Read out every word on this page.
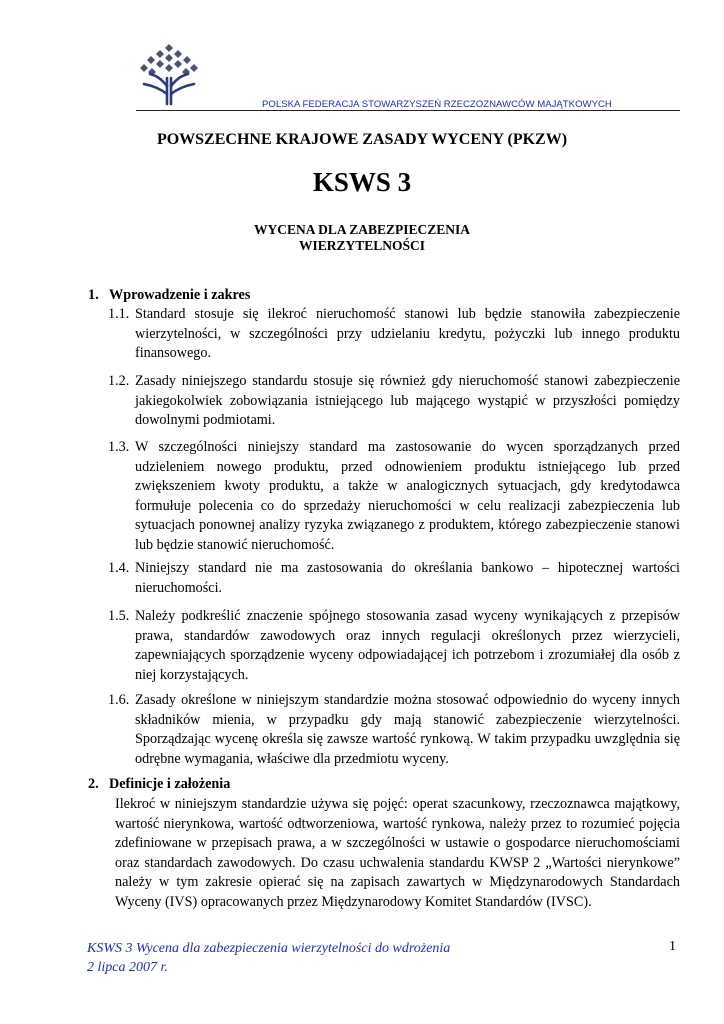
POLSKA FEDERACJA STOWARZYSZEŃ RZECZOZNAWCÓW MAJĄTKOWYCH
POWSZECHNE KRAJOWE ZASADY WYCENY (PKZW)
KSWS 3
WYCENA DLA ZABEZPIECZENIA
WIERZYTELNOŚCI
1. Wprowadzenie i zakres
1.1. Standard stosuje się ilekroć nieruchomość stanowi lub będzie stanowiła zabezpieczenie wierzytelności, w szczególności przy udzielaniu kredytu, pożyczki lub innego produktu finansowego.
1.2. Zasady niniejszego standardu stosuje się również gdy nieruchomość stanowi zabezpieczenie jakiegokolwiek zobowiązania istniejącego lub mającego wystąpić w przyszłości pomiędzy dowolnymi podmiotami.
1.3. W szczególności niniejszy standard ma zastosowanie do wycen sporządzanych przed udzieleniem nowego produktu, przed odnowieniem produktu istniejącego lub przed zwiększeniem kwoty produktu, a także w analogicznych sytuacjach, gdy kredytodawca formułuje polecenia co do sprzedaży nieruchomości w celu realizacji zabezpieczenia lub sytuacjach ponownej analizy ryzyka związanego z produktem, którego zabezpieczenie stanowi lub będzie stanowić nieruchomość.
1.4. Niniejszy standard nie ma zastosowania do określania bankowo – hipotecznej wartości nieruchomości.
1.5. Należy podkreślić znaczenie spójnego stosowania zasad wyceny wynikających z przepisów prawa, standardów zawodowych oraz innych regulacji określonych przez wierzycieli, zapewniających sporządzenie wyceny odpowiadającej ich potrzebom i zrozumiałej dla osób z niej korzystających.
1.6. Zasady określone w niniejszym standardzie można stosować odpowiednio do wyceny innych składników mienia, w przypadku gdy mają stanowić zabezpieczenie wierzytelności. Sporządzając wycenę określa się zawsze wartość rynkową. W takim przypadku uwzględnia się odrębne wymagania, właściwe dla przedmiotu wyceny.
2. Definicje i założenia
Ilekroć w niniejszym standardzie używa się pojęć: operat szacunkowy, rzeczoznawca majątkowy, wartość nierynkowa, wartość odtworzeniowa, wartość rynkowa, należy przez to rozumieć pojęcia zdefiniowane w przepisach prawa, a w szczególności w ustawie o gospodarce nieruchomościami oraz standardach zawodowych. Do czasu uchwalenia standardu KWSP 2 „Wartości nierynkowe” należy w tym zakresie opierać się na zapisach zawartych w Międzynarodowych Standardach Wyceny (IVS) opracowanych przez Międzynarodowy Komitet Standardów (IVSC).
KSWS 3 Wycena dla zabezpieczenia wierzytelności do wdrożenia
2 lipca 2007 r.
1
